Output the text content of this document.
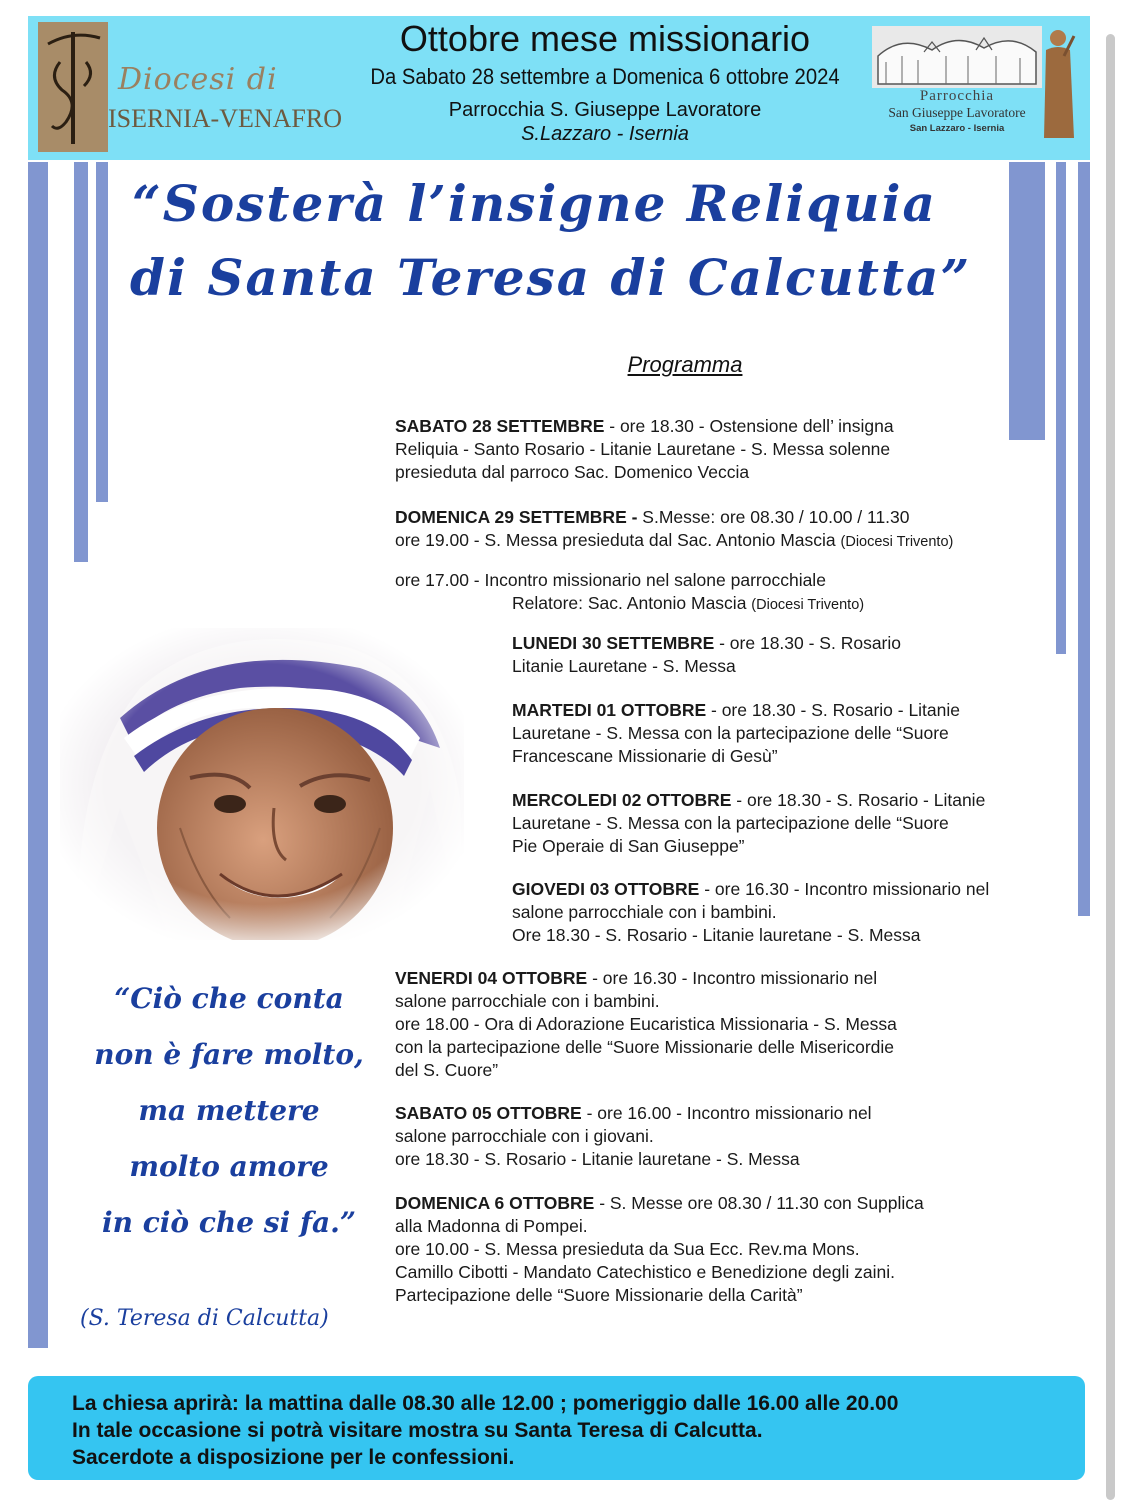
Diocesi di
ISERNIA-VENAFRO
Ottobre mese missionario
Da Sabato 28 settembre a Domenica 6 ottobre 2024
Parrocchia S. Giuseppe Lavoratore
S.Lazzaro - Isernia
Parrocchia
San Giuseppe Lavoratore
San Lazzaro - Isernia
“Sosterà l’insigne Reliquia
di Santa Teresa di Calcutta”
Programma
SABATO 28 SETTEMBRE - ore 18.30 - Ostensione dell’ insigna
Reliquia - Santo Rosario - Litanie Lauretane - S. Messa solenne
presieduta dal parroco Sac. Domenico Veccia
DOMENICA 29 SETTEMBRE - S.Messe: ore 08.30 / 10.00 / 11.30
ore 19.00 - S. Messa presieduta dal Sac. Antonio Mascia (Diocesi Trivento)
ore 17.00 - Incontro missionario nel salone parrocchiale
Relatore: Sac. Antonio Mascia (Diocesi Trivento)
LUNEDI 30 SETTEMBRE - ore 18.30 - S. Rosario
Litanie Lauretane - S. Messa
MARTEDI 01 OTTOBRE - ore 18.30 - S. Rosario - Litanie
Lauretane - S. Messa con la partecipazione delle “Suore
Francescane Missionarie di Gesù”
MERCOLEDI 02 OTTOBRE - ore 18.30 - S. Rosario - Litanie
Lauretane - S. Messa con la partecipazione delle “Suore
Pie Operaie di San Giuseppe”
GIOVEDI 03 OTTOBRE - ore 16.30 - Incontro missionario nel
salone parrocchiale con i bambini.
Ore 18.30 - S. Rosario - Litanie lauretane - S. Messa
VENERDI 04 OTTOBRE - ore 16.30 - Incontro missionario nel
salone parrocchiale con i bambini.
ore 18.00 - Ora di Adorazione Eucaristica Missionaria - S. Messa
con la partecipazione delle “Suore Missionarie delle Misericordie
del S. Cuore”
SABATO 05 OTTOBRE - ore 16.00 - Incontro missionario nel
salone parrocchiale con i giovani.
ore 18.30 - S. Rosario - Litanie lauretane - S. Messa
DOMENICA 6 OTTOBRE - S. Messe ore 08.30 / 11.30 con Supplica
alla Madonna di Pompei.
ore 10.00 - S. Messa presieduta da Sua Ecc. Rev.ma Mons.
Camillo Cibotti - Mandato Catechistico e Benedizione degli zaini.
Partecipazione delle “Suore Missionarie della Carità”
“Ciò che conta
non è fare molto,
ma mettere
molto amore
in ciò che si fa.”
(S. Teresa di Calcutta)
La chiesa aprirà: la mattina dalle 08.30 alle 12.00 ; pomeriggio dalle 16.00 alle 20.00
In tale occasione si potrà visitare mostra su Santa Teresa di Calcutta.
Sacerdote a disposizione per le confessioni.
